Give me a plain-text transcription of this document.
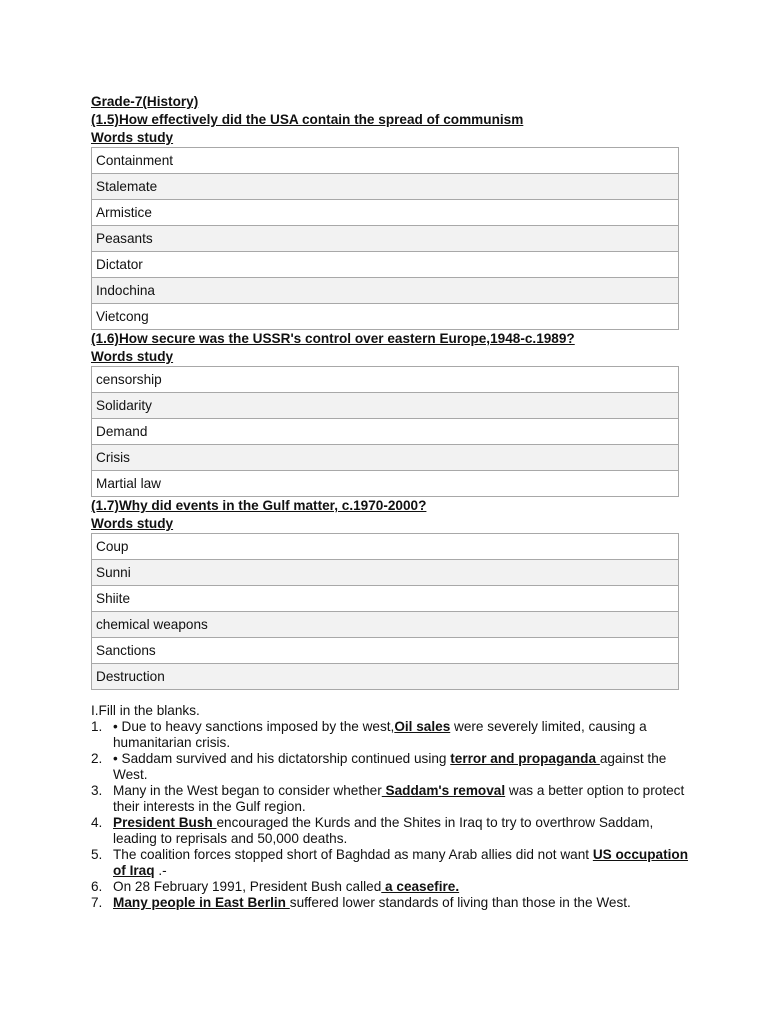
Grade-7(History)
(1.5)How effectively did the USA contain the spread of communism
Words study
Containment
Stalemate
Armistice
Peasants
Dictator
Indochina
Vietcong
(1.6)How secure was the USSR's control over eastern Europe,1948-c.1989?
Words study
censorship
Solidarity
Demand
Crisis
Martial law
(1.7)Why did events in the Gulf matter, c.1970-2000?
Words study
Coup
Sunni
Shiite
chemical weapons
Sanctions
Destruction
I.Fill in the blanks.
1. • Due to heavy sanctions imposed by the west,Oil sales were severely limited, causing a humanitarian crisis.
2. • Saddam survived and his dictatorship continued using terror and propaganda against the West.
3. Many in the West began to consider whether Saddam's removal was a better option to protect their interests in the Gulf region.
4. President Bush encouraged the Kurds and the Shites in Iraq to try to overthrow Saddam, leading to reprisals and 50,000 deaths.
5. The coalition forces stopped short of Baghdad as many Arab allies did not want US occupation of Iraq .-
6. On 28 February 1991, President Bush called a ceasefire.
7. Many people in East Berlin suffered lower standards of living than those in the West.
